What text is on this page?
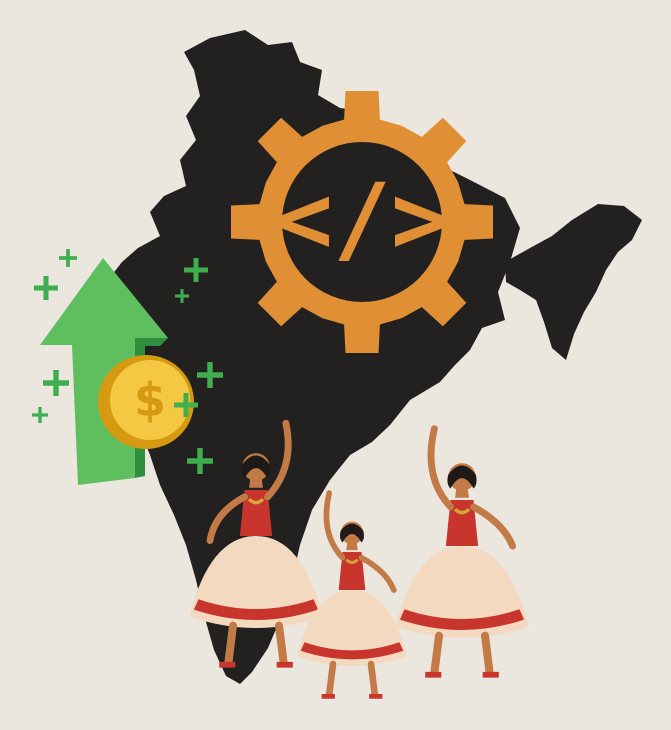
</>
$
